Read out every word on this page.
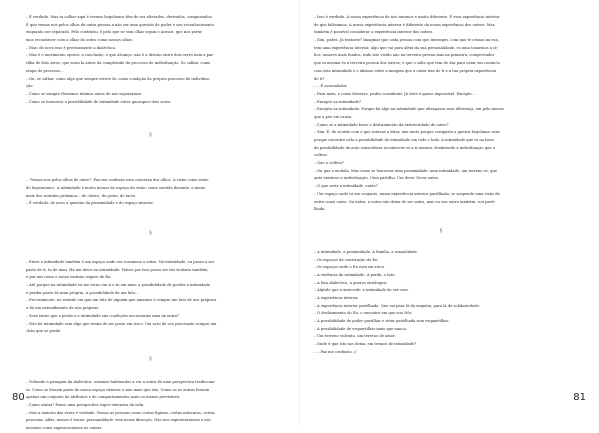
– É verdade. Mas tu calhar aqui é termos hegelianos têm de ser alterados, derivados, conquistados.
É que vemos nos pelos olhos da outra pessoa a não ser uma questão de poder e seu reconhecimento
enquanto ser separado. Pelo contrário, é pelo que se sem olhar sejam o nossos: que nos porta-
mos reconhecer com o olhar do outro como nossos olhos.
– Mas: de novo isso é precisamente a dialéctica.
– Mas é o movimento oposto: a conclusão, e que alcança: não é a divisão entre dois seres nem a par-
tilha de dois seres, que seria la antes da completude do processo de individuação. Se calhar, como
etapa do processo...
– Ou, se calhar, como algo que sempre esteve lá: como condição do próprio processo de individua-
ção.
– Como se sempre fôssemos íntimos antes de nos separarmos.
– Como se houvesse a possibilidade de intimidade entre quaisquer dois seres.
§
– "Vemos-nos pelos olhos do outro". Faz-me confusão esta conversa dos olhos. A visão como senti-
do hegemónico. A intimidade é muito menos do espaço da visão: como sentido distante, e muito
mais dos sentidos próximos – do cheiro, do gosto, do tacto.
– É verdade, de novo a questão da proximidade e do espaço interior.
§
– Entre a intimidade também é um espaço onde nos tornamos o outro. Na intimidade, eu passo a ser
parte de ti, tu de mim. Há um devir na intimidade. Talvez por isso possa ser tão violenta também,
e por um como o nosso instinto seguro de Eu.
– Até porque na intimidade eu me torno em ti e tu em mim: a possibilidade de perder a intimidade
e perder parte de mim própria. A possibilidade de um luto...
– Precisamente, no sentido em que um luto de alguém que amamos é sempre um luto de nós próprios
e de um entendimento de nós próprias.
– Será então que a perda e a intimidade são condições necessárias uma da outra?
– Não há intimidade sem algo que tenha de ser posto em risco. Um acto de voo precisaste sempre um
chão que se perde.
§
– Voltando a paragem da dialéctica: estamos habituados a ver a outra de uma perspectiva tradiciona-
ta. Como se fossem parte do nosso espaço exterior e não mais que isto. Como se as outras fossem
apenas um conjunto de atributos e de comportamentos mais ou menos previsíveis.
– Como sentia? Penso uma perspectiva super entenera da vida.
– Mas a maioria das vezes é verdade. Vemos as pessoas como certas figuras, certas máscaras, certas
personas. Afiás, menos é tenno: personalidade' vem nessa direcção. Não nos experienciamos a nós
mesmos como experienciamos as outras.
80
– Isso é verdade. A nossa experiência de nós mesmos é muito diferente. É essa experiência interior
de que falávamos. A nossa experiência interior é diferente da nossa experiência dos outros. Mas
também é possível considerar a experiência interior dos outros.
– Sim, podes. Já tentaste? Imaginar que cada pessoa com que interages, com que te cruzas na rua,
tem uma experiência interior, algo que vai para além da sua personalidade, es uma tonarmos a ol-
hos: umores mais fundos, tudo isto vivido não na terceira pessoa mas na primeira, compreender
que tu mesma és a terceira pessoa dos outros; e que o salto que tem de dar para estar em contacto
com esta intimidade é o abismo entre a imagem que a outra tem de ti e a tua própria experiência
de ti?
– ...É avassalador.
– Para mais, e como disseres, podes considerar. Já viste é quase impossível. Excepto...
– Excepto na intimidade?
– Excepto na intimidade. Porque há algo na intimidade que ultrapassa essa diferença, em pelo menos
que a põe em causa.
– Como se a intimidade fosse o deslizamento da exterioridade de outro?
– Sim. E, de acordo com o que estavas a dizer, não tanto porque conquisto a guerra hegeliana: mas
porque encontro nela a possibilidade de intimidade em todo o lado. A intimidade que tu na base
da possibilidade da auto-consciência reconhecer-se a ti mesma, desfazendo a individuação que a
cultiva.
– Que a cultiva?
– Ou que a modela. Mas como se houvesse uma proximidade: uma intimidade, um terreno só, que
ante existisse a individuação. Uma partilha. Um devir. Devir outra.
– O que seria a intimidade, então?
– Um espaço onde tu em conjunto, numa experiência interior partilhada, se suspende uma visão da
outra como outro. Ou antes, a outra não deixa de ser outra, mas eu sou outra também, sou parti-
lhada.
§
– A intimidade, a proximidade. A família. a sexualidade.
– Os espaços de construção do Eu.
– Os espaços onde o Eu está em risco.
– A violência da intimidade. A perda. o luto.
– A luta dialéctica, a guerra ontológica.
– Algtido que a antecede: a intimidade do ser-com.
– A experiência interior.
– A experiência interior partilhada. Que vai para lá da empatia, para lá da solidariedade.
– O deslizamento do Eu, o encontro em que sou Nós.
– A possibilidade de poder partilhar e estar partilhada sem esquartilhar.
– A possibilidade de esquartilhar mais que nunca.
– Um terreno violento, um terreno de amor.
– Onde é que isto nos deixa, em termos de intimidade?
– ...Faz me confusão. //
81
